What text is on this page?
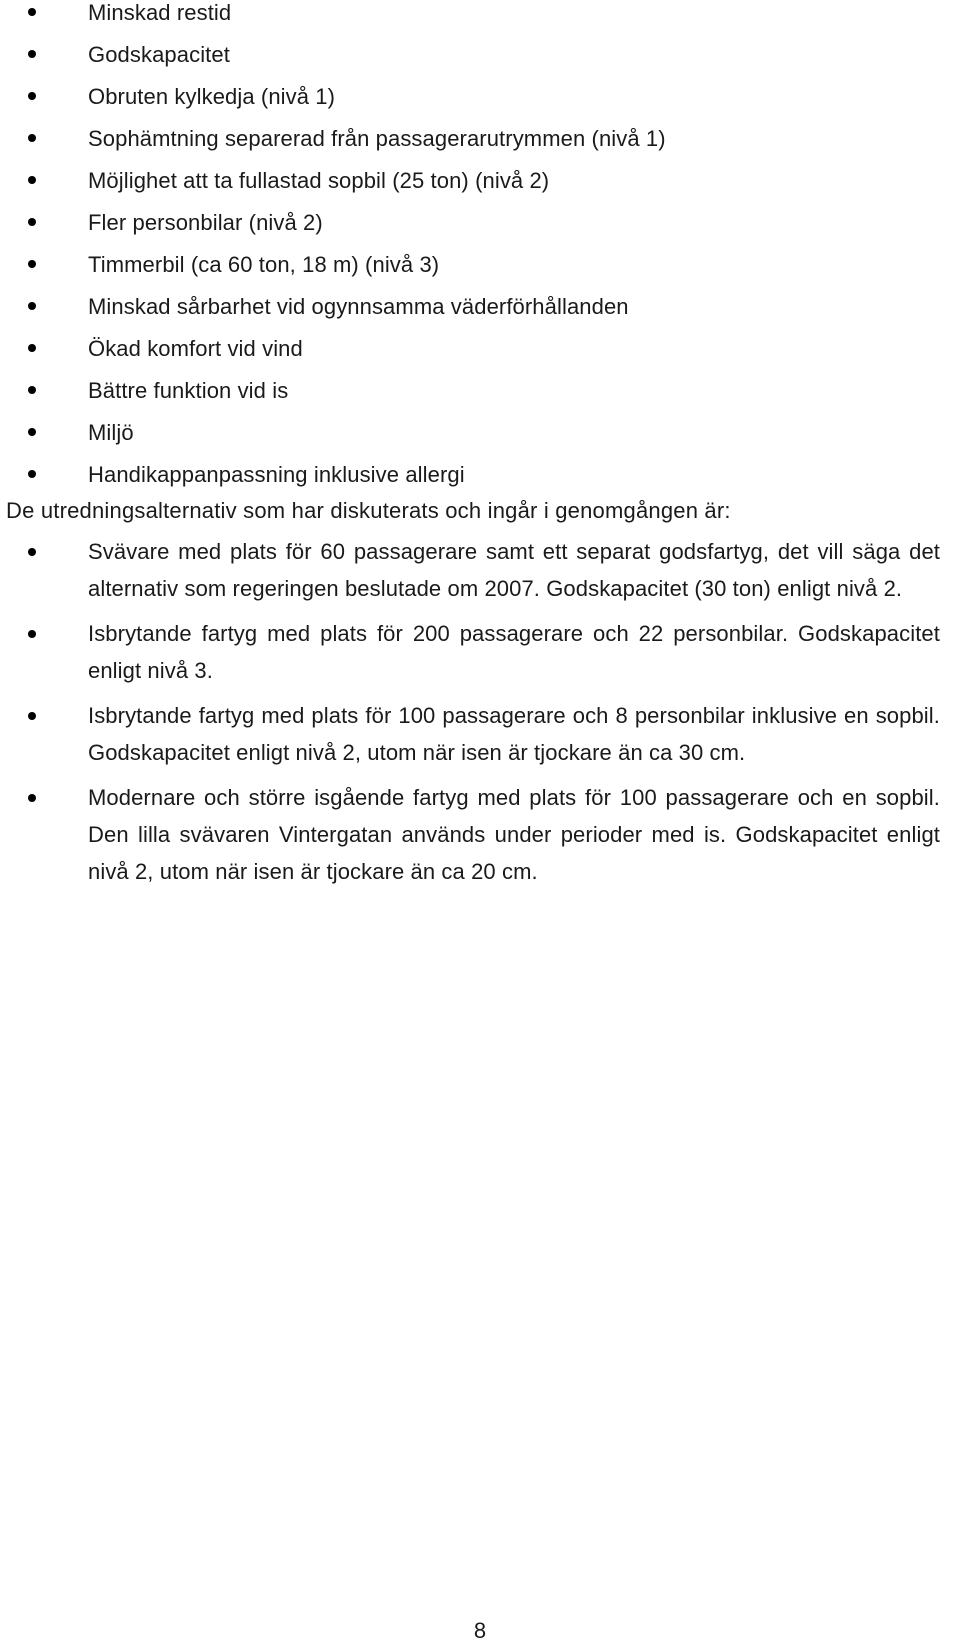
Minskad restid
Godskapacitet
Obruten kylkedja (nivå 1)
Sophämtning separerad från passagerarutrymmen (nivå 1)
Möjlighet att ta fullastad sopbil (25 ton) (nivå 2)
Fler personbilar (nivå 2)
Timmerbil (ca 60 ton, 18 m) (nivå 3)
Minskad sårbarhet vid ogynnsamma väderförhållanden
Ökad komfort vid vind
Bättre funktion vid is
Miljö
Handikappanpassning inklusive allergi

De utredningsalternativ som har diskuterats och ingår i genomgången är:

Svävare med plats för 60 passagerare samt ett separat godsfartyg, det vill säga det alternativ som regeringen beslutade om 2007. Godskapacitet (30 ton) enligt nivå 2.
Isbrytande fartyg med plats för 200 passagerare och 22 personbilar. Godskapacitet enligt nivå 3.
Isbrytande fartyg med plats för 100 passagerare och 8 personbilar inklusive en sopbil. Godskapacitet enligt nivå 2, utom när isen är tjockare än ca 30 cm.
Modernare och större isgående fartyg med plats för 100 passagerare och en sopbil. Den lilla svävaren Vintergatan används under perioder med is. Godskapacitet enligt nivå 2, utom när isen är tjockare än ca 20 cm.
8
